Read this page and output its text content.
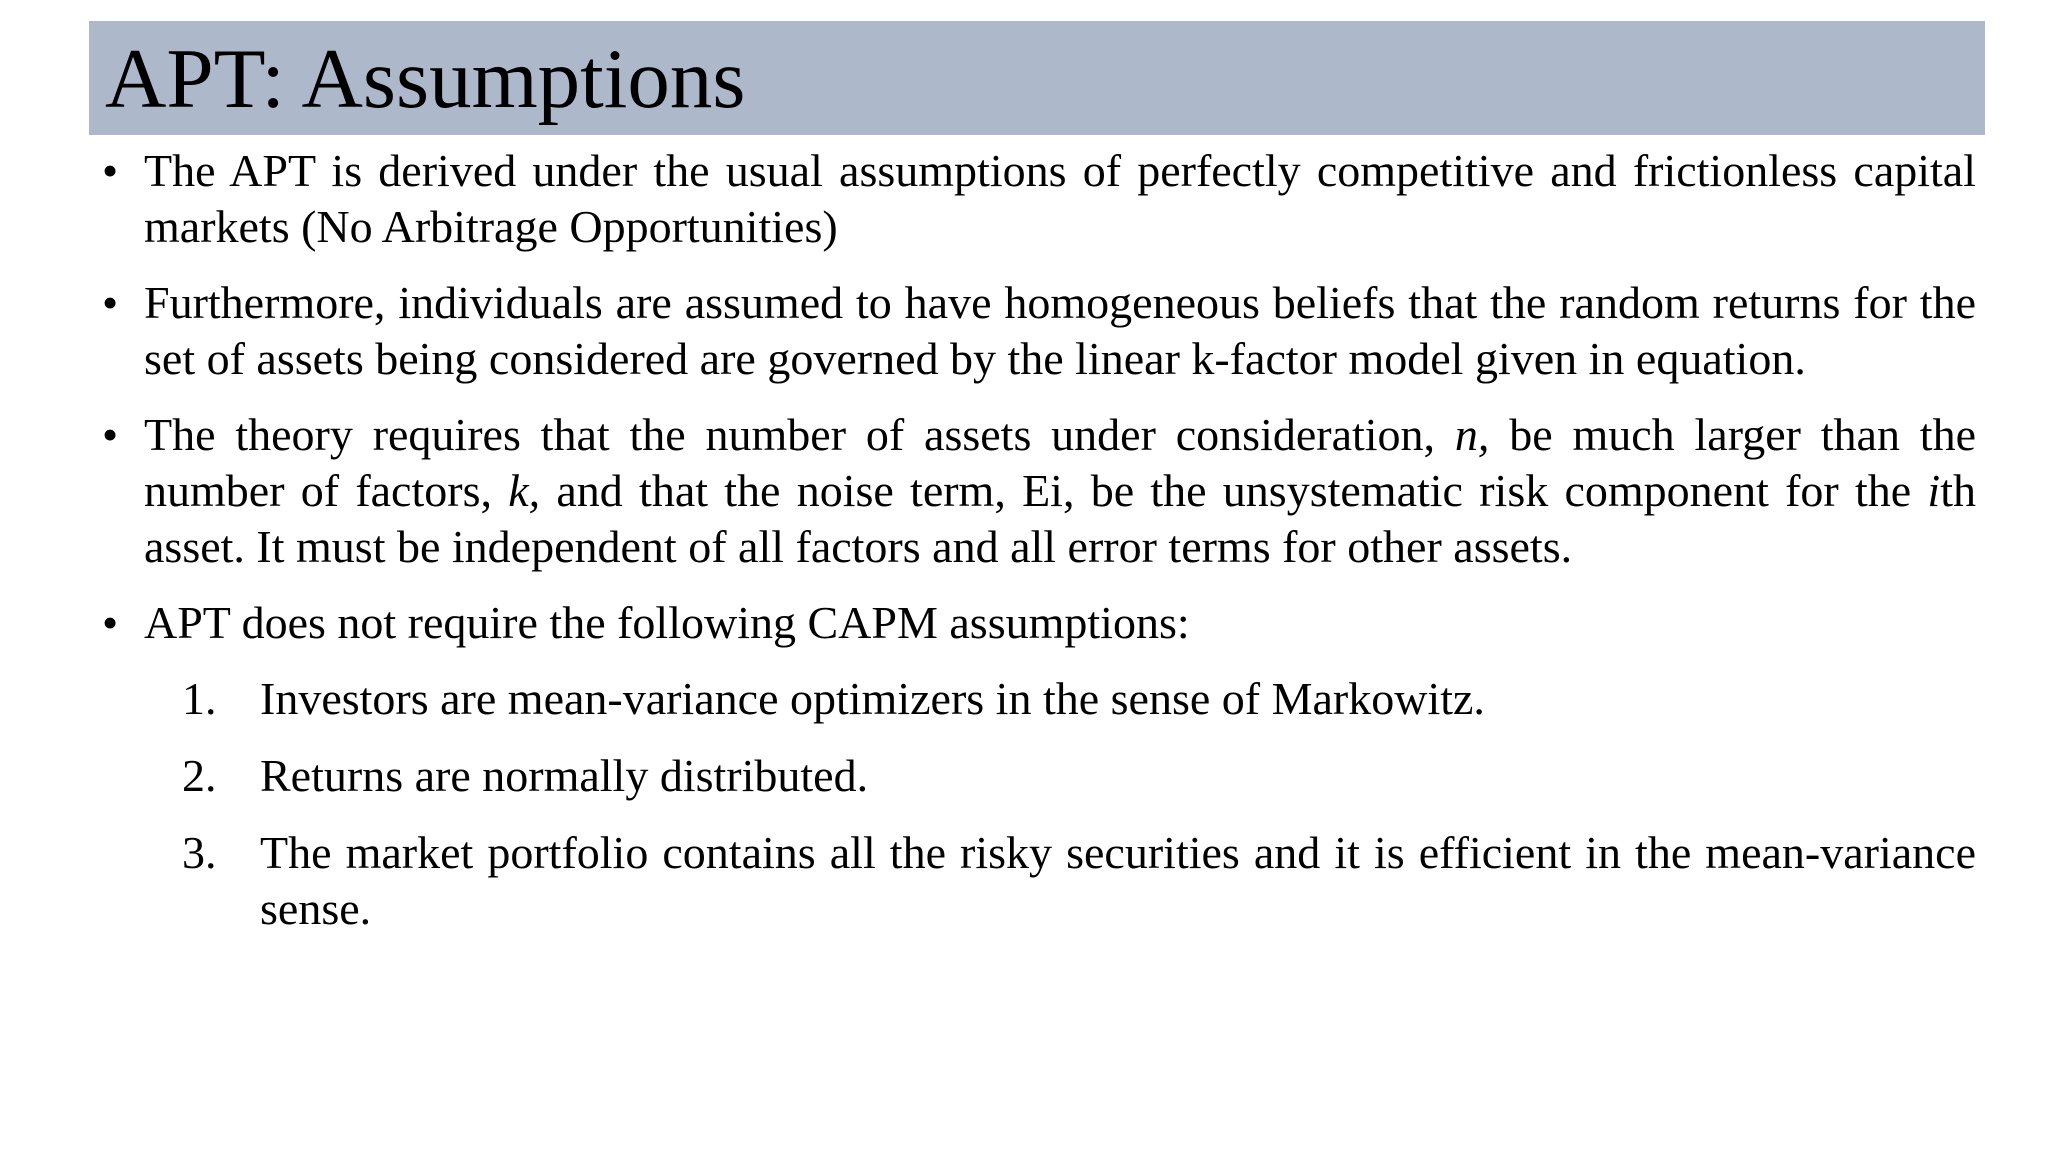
APT: Assumptions
• The APT is derived under the usual assumptions of perfectly competitive and frictionless capital markets (No Arbitrage Opportunities)
• Furthermore, individuals are assumed to have homogeneous beliefs that the random returns for the set of assets being considered are governed by the linear k-factor model given in equation.
• The theory requires that the number of assets under consideration, n, be much larger than the number of factors, k, and that the noise term, Ei, be the unsystematic risk component for the ith asset. It must be independent of all factors and all error terms for other assets.
• APT does not require the following CAPM assumptions:
1. Investors are mean-variance optimizers in the sense of Markowitz.
2. Returns are normally distributed.
3. The market portfolio contains all the risky securities and it is efficient in the mean-variance sense.
